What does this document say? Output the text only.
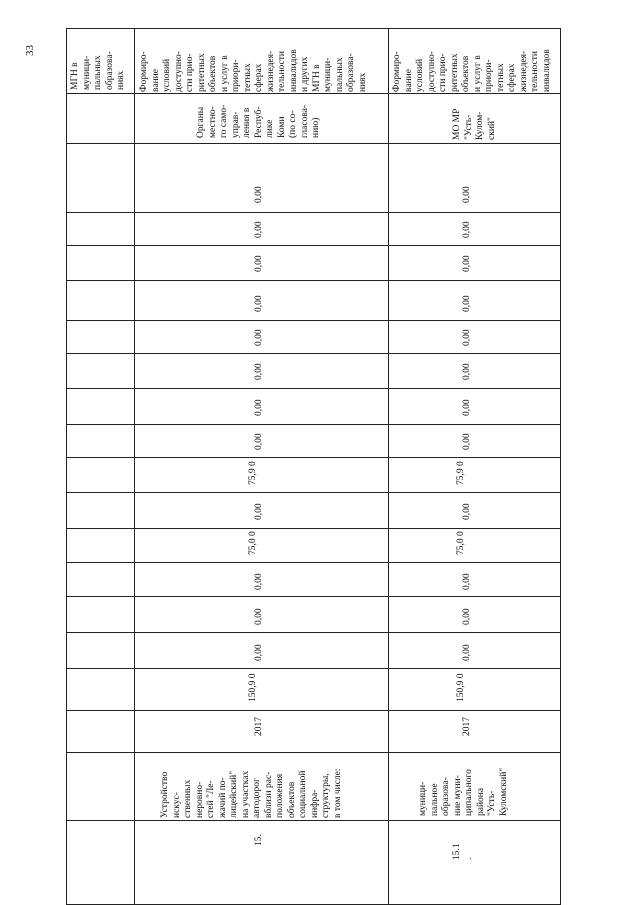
33
МГН в
муници-
пальных
образова-
ниях Формиро-
вание
условий
доступно-
сти прио-
ритетных
объектов
и услуг в
приори-
тетных
сферах
жизнедея-
тельности
инвалидов
и других
МГН в
муници-
пальных
образова-
ниях
15.
Устройство
искус-
ственных
неровно-
стей "Ле-
жачий по-
лицейский"
на участках
автодорог
вблизи рас-
положения
объектов
социальной
инфра-
структуры,
в том числе:
2017
150,9 0
0,00
0,00
0,00
75,0 0
0,00
75,9 0
0,00
0,00
0,00
0,00
0,00
0,00
0,00
0,00
Органы
местно-
го само-
управ-
ления в
Респуб-
лике
Коми
(по со-
гласова-
нию)
15.1
.
муници-
пальное
образова-
ние муни-
ципального
района
"Усть-
Куломский"
2017
150,9 0
0,00
0,00
0,00
75,0 0
0,00
75,9 0
0,00
0,00
0,00
0,00
0,00
0,00
0,00
0,00
МО МР
"Усть-
Кулом-
ский"
Формиро-
вание
условий
доступно-
сти прио-
ритетных
объектов
и услуг в
приори-
тетных
сферах
жизнедея-
тельности
инвалидов
